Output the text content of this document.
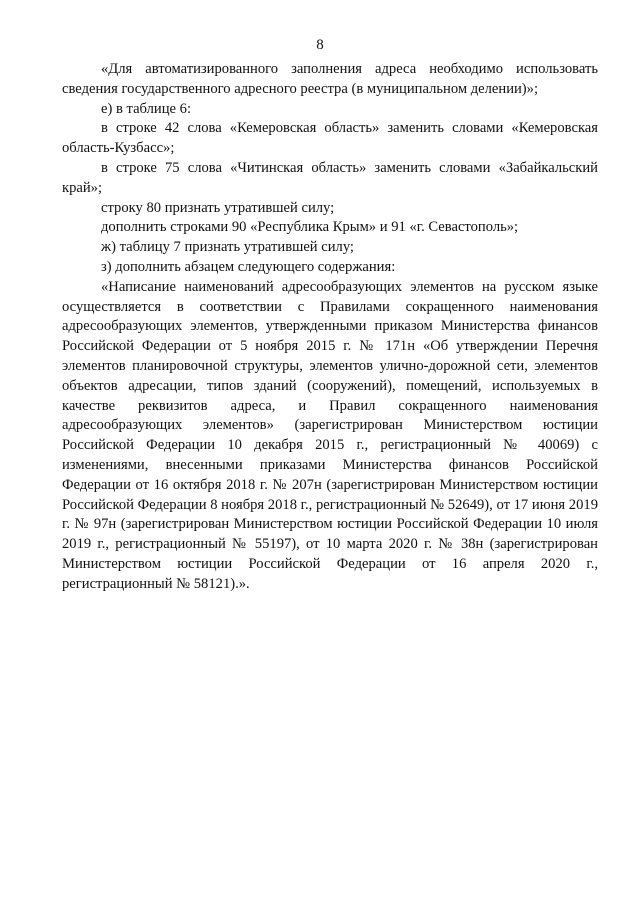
8

«Для автоматизированного заполнения адреса необходимо использовать сведения государственного адресного реестра (в муниципальном делении)»;

е) в таблице 6:

в строке 42 слова «Кемеровская область» заменить словами «Кемеровская область-Кузбасс»;

в строке 75 слова «Читинская область» заменить словами «Забайкальский край»;

строку 80 признать утратившей силу;

дополнить строками 90 «Республика Крым» и 91 «г. Севастополь»;

ж) таблицу 7 признать утратившей силу;

з) дополнить абзацем следующего содержания:

«Написание наименований адресообразующих элементов на русском языке осуществляется в соответствии с Правилами сокращенного наименования адресообразующих элементов, утвержденными приказом Министерства финансов Российской Федерации от 5 ноября 2015 г. № 171н «Об утверждении Перечня элементов планировочной структуры, элементов улично-дорожной сети, элементов объектов адресации, типов зданий (сооружений), помещений, используемых в качестве реквизитов адреса, и Правил сокращенного наименования адресообразующих элементов» (зарегистрирован Министерством юстиции Российской Федерации 10 декабря 2015 г., регистрационный № 40069) с изменениями, внесенными приказами Министерства финансов Российской Федерации от 16 октября 2018 г. № 207н (зарегистрирован Министерством юстиции Российской Федерации 8 ноября 2018 г., регистрационный № 52649), от 17 июня 2019 г. № 97н (зарегистрирован Министерством юстиции Российской Федерации 10 июля 2019 г., регистрационный № 55197), от 10 марта 2020 г. № 38н (зарегистрирован Министерством юстиции Российской Федерации от 16 апреля 2020 г., регистрационный № 58121).».
